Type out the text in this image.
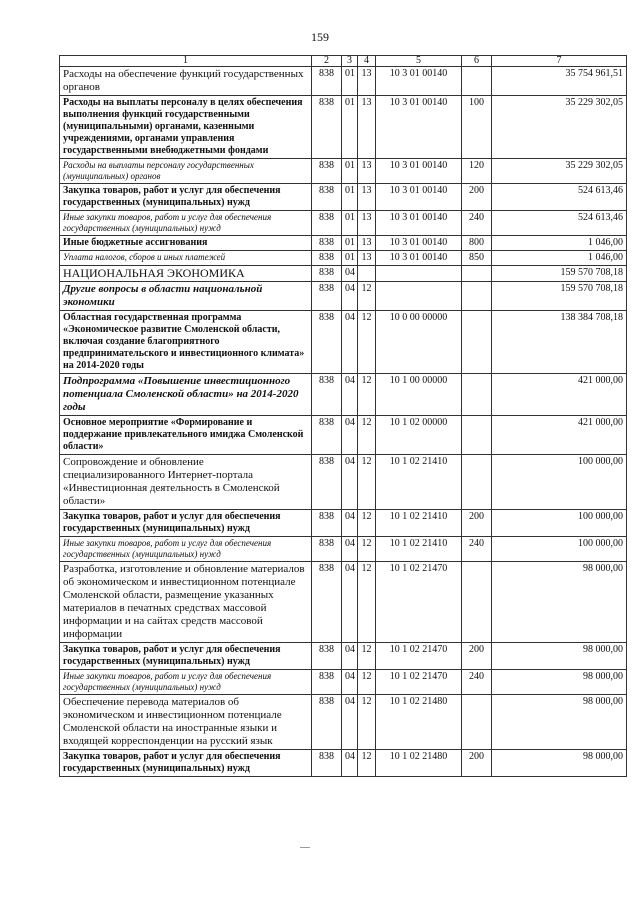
159
1	2	3	4	5	6	7
Расходы на обеспечение функций государственных органов	838	01	13	10 3 01 00140		35 754 961,51
Расходы на выплаты персоналу в целях обеспечения выполнения функций государственными (муниципальными) органами, казенными учреждениями, органами управления государственными внебюджетными фондами	838	01	13	10 3 01 00140	100	35 229 302,05
Расходы на выплаты персоналу государственных (муниципальных) органов	838	01	13	10 3 01 00140	120	35 229 302,05
Закупка товаров, работ и услуг для обеспечения государственных (муниципальных) нужд	838	01	13	10 3 01 00140	200	524 613,46
Иные закупки товаров, работ и услуг для обеспечения государственных (муниципальных) нужд	838	01	13	10 3 01 00140	240	524 613,46
Иные бюджетные ассигнования	838	01	13	10 3 01 00140	800	1 046,00
Уплата налогов, сборов и иных платежей	838	01	13	10 3 01 00140	850	1 046,00
НАЦИОНАЛЬНАЯ ЭКОНОМИКА	838	04				159 570 708,18
Другие вопросы в области национальной экономики	838	04	12			159 570 708,18
Областная государственная программа «Экономическое развитие Смоленской области, включая создание благоприятного предпринимательского и инвестиционного климата» на 2014-2020 годы	838	04	12	10 0 00 00000		138 384 708,18
Подпрограмма «Повышение инвестиционного потенциала Смоленской области» на 2014-2020 годы	838	04	12	10 1 00 00000		421 000,00
Основное мероприятие «Формирование и поддержание привлекательного имиджа Смоленской области»	838	04	12	10 1 02 00000		421 000,00
Сопровождение и обновление специализированного Интернет-портала «Инвестиционная деятельность в Смоленской области»	838	04	12	10 1 02 21410		100 000,00
Закупка товаров, работ и услуг для обеспечения государственных (муниципальных) нужд	838	04	12	10 1 02 21410	200	100 000,00
Иные закупки товаров, работ и услуг для обеспечения государственных (муниципальных) нужд	838	04	12	10 1 02 21410	240	100 000,00
Разработка, изготовление и обновление материалов об экономическом и инвестиционном потенциале Смоленской области, размещение указанных материалов в печатных средствах массовой информации и на сайтах средств массовой информации	838	04	12	10 1 02 21470		98 000,00
Закупка товаров, работ и услуг для обеспечения государственных (муниципальных) нужд	838	04	12	10 1 02 21470	200	98 000,00
Иные закупки товаров, работ и услуг для обеспечения государственных (муниципальных) нужд	838	04	12	10 1 02 21470	240	98 000,00
Обеспечение перевода материалов об экономическом и инвестиционном потенциале Смоленской области на иностранные языки и входящей корреспонденции на русский язык	838	04	12	10 1 02 21480		98 000,00
Закупка товаров, работ и услуг для обеспечения государственных (муниципальных) нужд	838	04	12	10 1 02 21480	200	98 000,00
